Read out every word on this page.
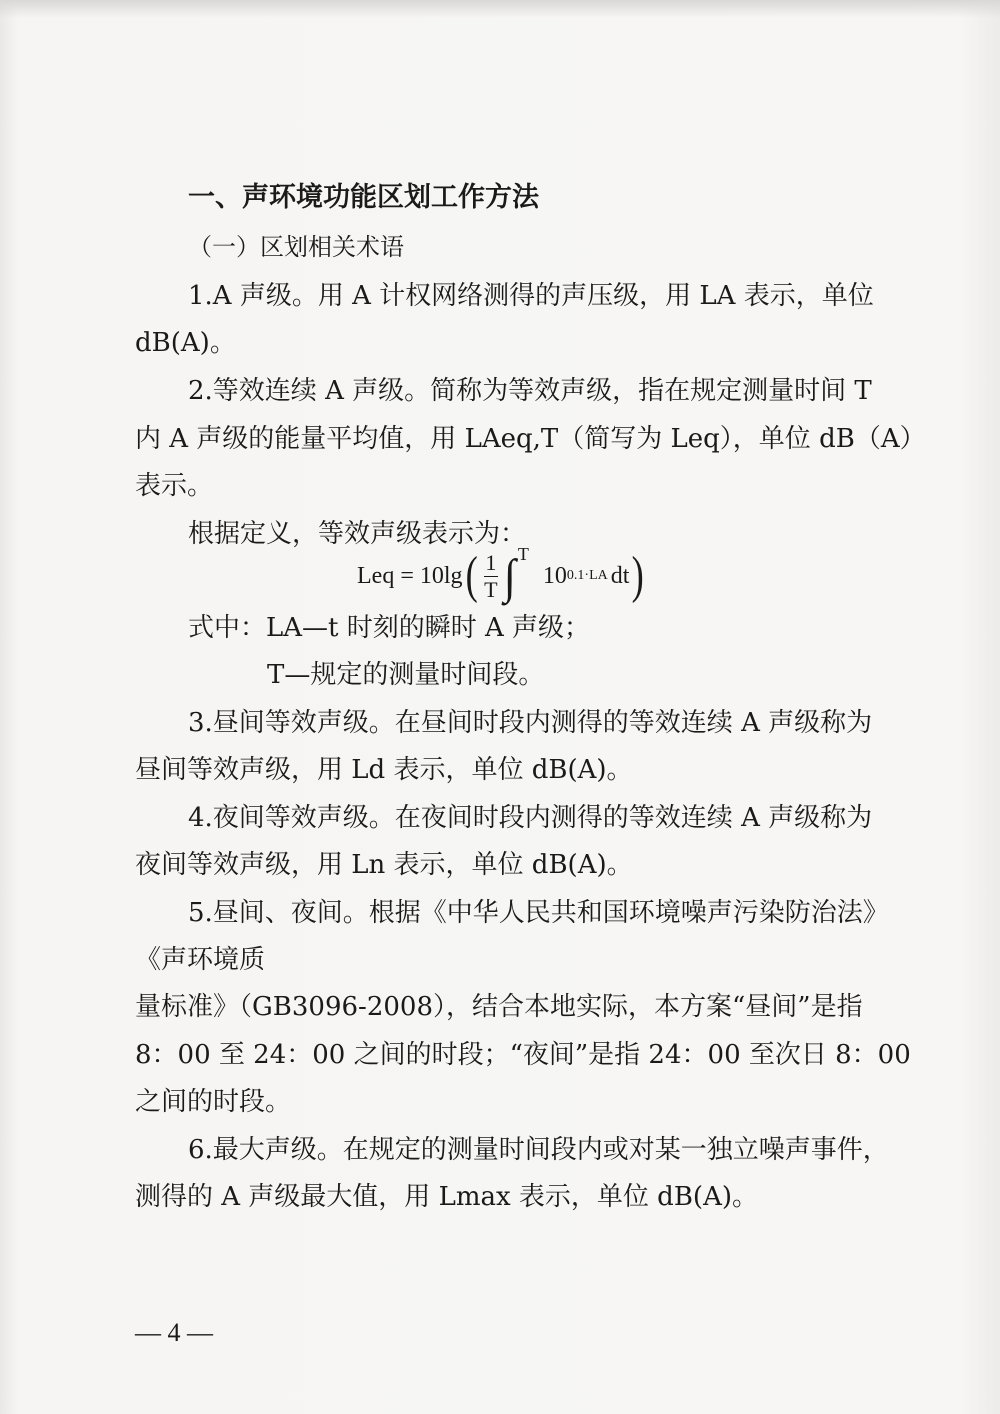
一、声环境功能区划工作方法
（一）区划相关术语
1.A 声级。用 A 计权网络测得的声压级，用 LA 表示，单位
dB(A)。
2.等效连续 A 声级。简称为等效声级，指在规定测量时间 T
内 A 声级的能量平均值，用 LAeq,T（简写为 Leq），单位 dB（A）
表示。
根据定义，等效声级表示为：
Leq = 10lg ( $\frac{1}{T}$ ∫ T
10 0.1·LA dt )
式中：LA—t 时刻的瞬时 A 声级；
T—规定的测量时间段。
3.昼间等效声级。在昼间时段内测得的等效连续 A 声级称为
昼间等效声级，用 Ld 表示，单位 dB(A)。
4.夜间等效声级。在夜间时段内测得的等效连续 A 声级称为
夜间等效声级，用 Ln 表示，单位 dB(A)。
5.昼间、夜间。根据《中华人民共和国环境噪声污染防治法》
《声环境质
量标准》（GB3096-2008），结合本地实际，本方案“昼间”是指
8：00 至 24：00 之间的时段；“夜间”是指 24：00 至次日 8：00
之间的时段。
6.最大声级。在规定的测量时间段内或对某一独立噪声事件，
测得的 A 声级最大值，用 Lmax 表示，单位 dB(A)。
— 4 —
